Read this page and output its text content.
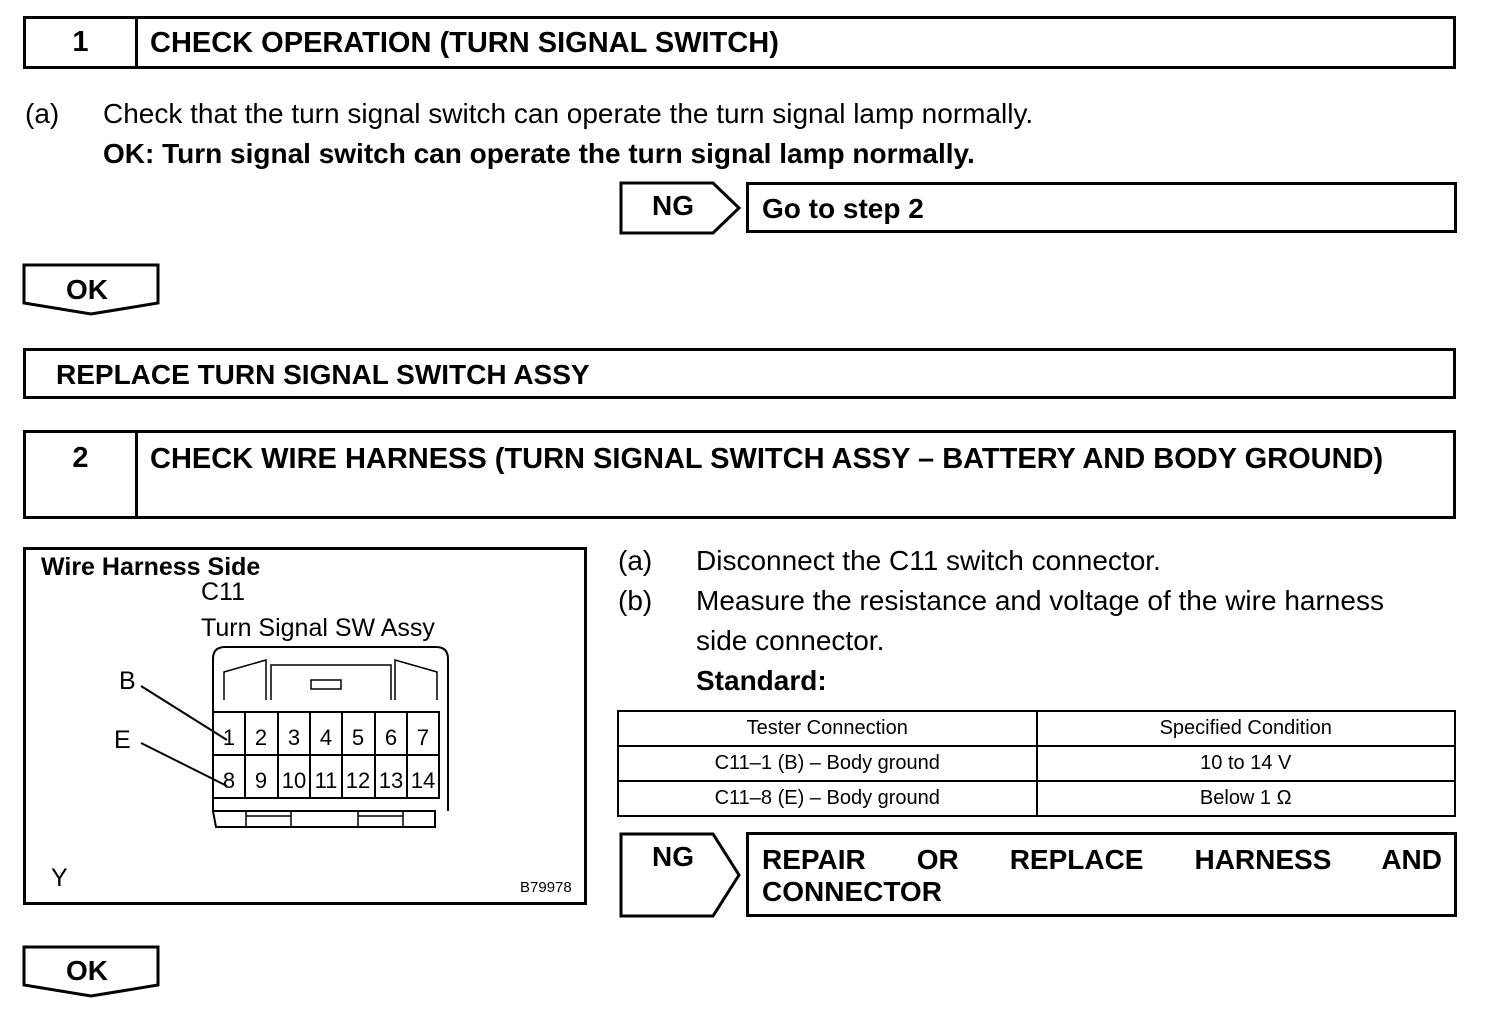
1	CHECK OPERATION (TURN SIGNAL SWITCH)
(a) Check that the turn signal switch can operate the turn signal lamp normally.
OK: Turn signal switch can operate the turn signal lamp normally.
NG Go to step 2
OK
REPLACE TURN SIGNAL SWITCH ASSY
2	CHECK WIRE HARNESS (TURN SIGNAL SWITCH ASSY – BATTERY AND BODY GROUND)
Wire Harness Side
C11
Turn Signal SW Assy
B
E	1 2 3 4 5 6 7
8 9 10 11 12 13 14
Y	B79978
(a) Disconnect the C11 switch connector.
(b) Measure the resistance and voltage of the wire harness
side connector.
Standard:
Tester Connection	Specified Condition
C11–1 (B) – Body ground	10 to 14 V
C11–8 (E) – Body ground	Below 1 Ω
NG REPAIR OR REPLACE HARNESS AND CONNECTOR
OK
